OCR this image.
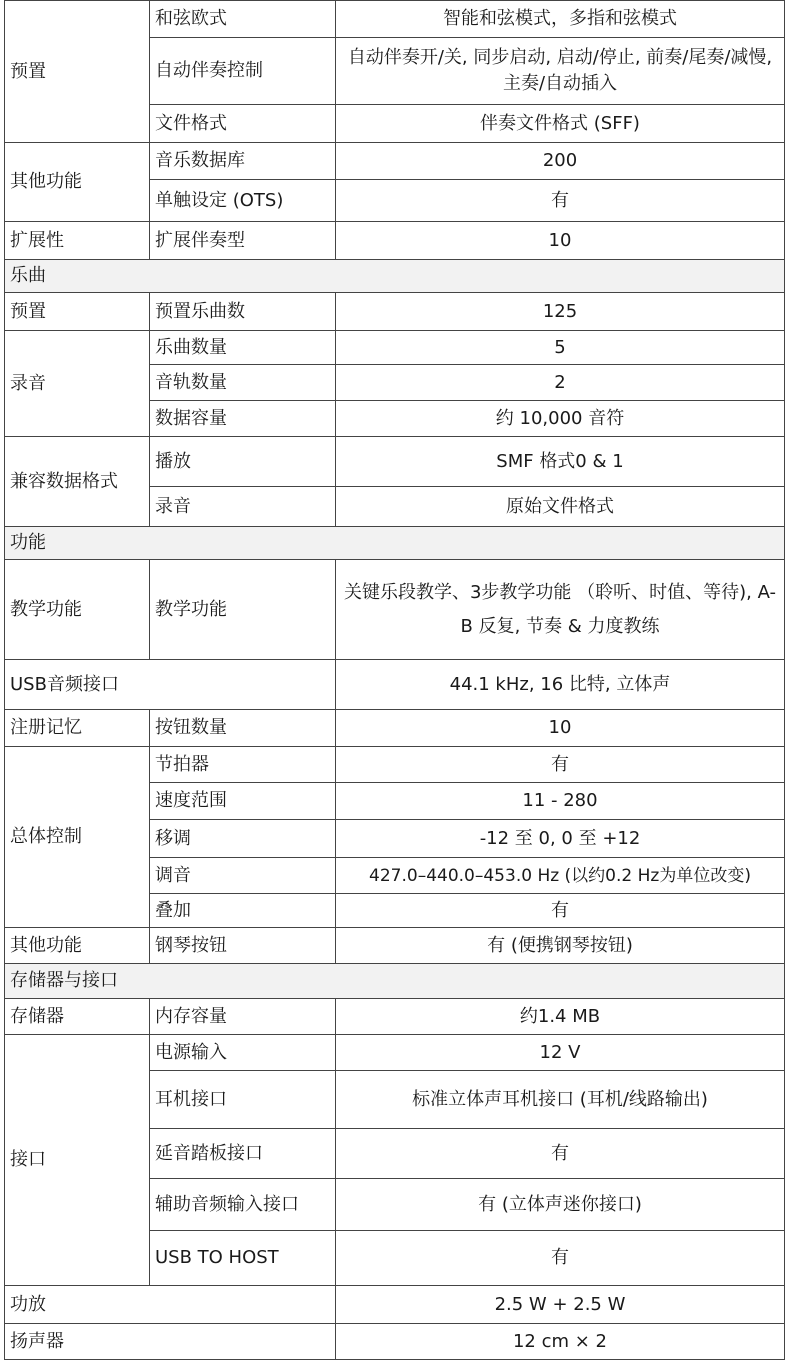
预置	和弦欧式	智能和弦模式，多指和弦模式
	自动伴奏控制	自动伴奏开/关, 同步启动, 启动/停止, 前奏/尾奏/减慢, 主奏/自动插入
	文件格式	伴奏文件格式 (SFF)
其他功能	音乐数据库	200
	单触设定 (OTS)	有
扩展性	扩展伴奏型	10
乐曲		
预置	预置乐曲数	125
录音	乐曲数量	5
	音轨数量	2
	数据容量	约 10,000 音符
兼容数据格式	播放	SMF 格式0 & 1
	录音	原始文件格式
功能		
教学功能	教学功能	关键乐段教学、3步教学功能 （聆听、时值、等待), A-B 反复, 节奏 & 力度教练
USB音频接口		44.1 kHz, 16 比特, 立体声
注册记忆	按钮数量	10
总体控制	节拍器	有
	速度范围	11 - 280
	移调	-12 至 0, 0 至 +12
	调音	427.0–440.0–453.0 Hz (以约0.2 Hz为单位改变)
	叠加	有
其他功能	钢琴按钮	有 (便携钢琴按钮)
存储器与接口		
存储器	内存容量	约1.4 MB
接口	电源输入	12 V
	耳机接口	标准立体声耳机接口 (耳机/线路输出)
	延音踏板接口	有
	辅助音频输入接口	有 (立体声迷你接口)
	USB TO HOST	有
功放		2.5 W + 2.5 W
扬声器		12 cm × 2
